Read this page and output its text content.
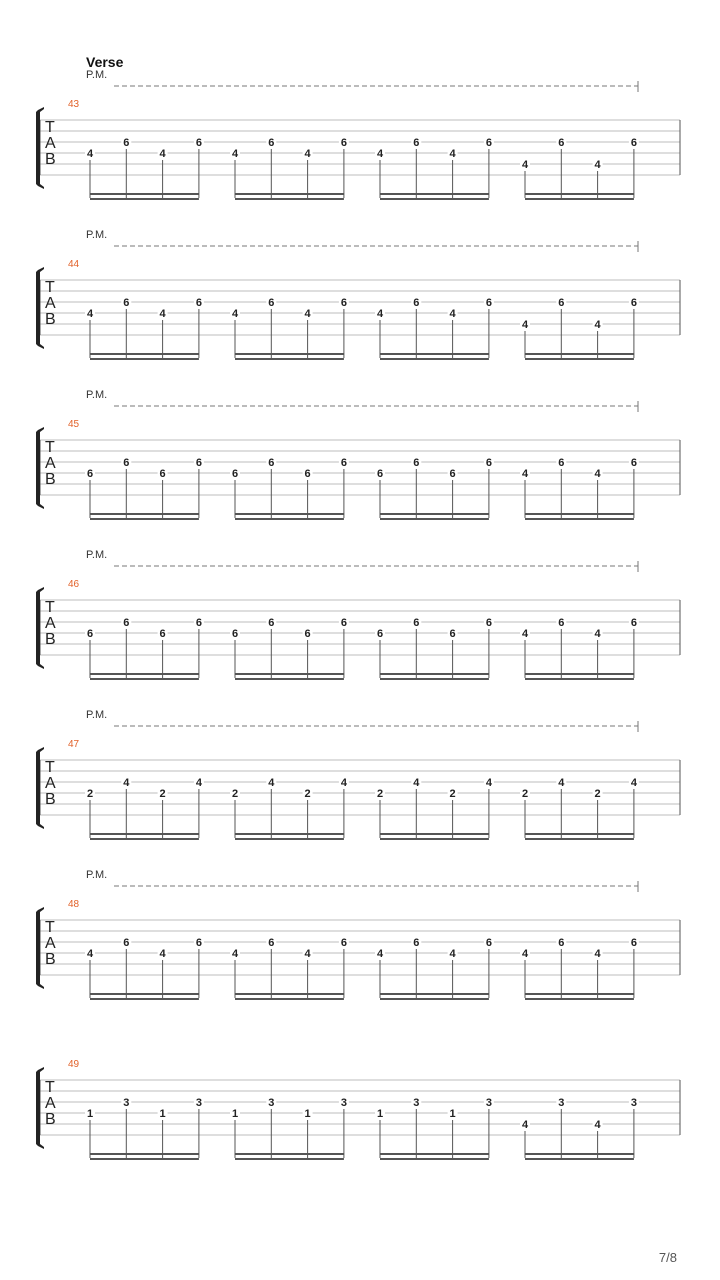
Verse
P.M.
43
T
A
B	4
6
4
6
4
6
4
6
4
6
4
6
4
6
4
6
P.M.
44
T
A
B	4
6
4
6
4
6
4
6
4
6
4
6
4
6
4
6
P.M.
45
T
A
B	6
6
6
6
6
6
6
6
6
6
6
6
4
6
4
6
P.M.
46
T
A
B	6
6
6
6
6
6
6
6
6
6
6
6
4
6
4
6
P.M.
47
T
A
B	2
4
2
4
2
4
2
4
2
4
2
4
2
4
2
4
P.M.
48
T
A
B	4
6
4
6
4
6
4
6
4
6
4
6
4
6
4
6
49
T
A
B	1
3
1
3
1
3
1
3
1
3
1
3
4
3
4
3
7/8
